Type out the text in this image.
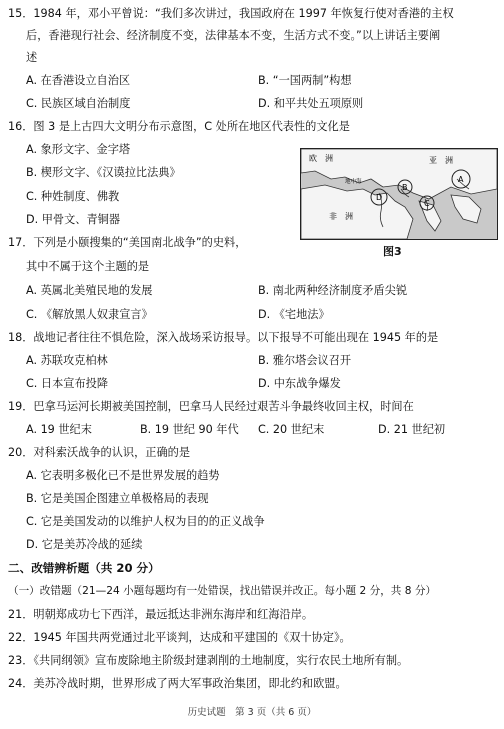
15．1984 年，邓小平曾说：“我们多次讲过，我国政府在 1997 年恢复行使对香港的主权
后，香港现行社会、经济制度不变，法律基本不变，生活方式不变。”以上讲话主要阐
述
A. 在香港设立自治区	B. “一国两制”构想
C. 民族区域自治制度	D. 和平共处五项原则
16．图 3 是上古四大文明分布示意图，C 处所在地区代表性的文化是
A. 象形文字、金字塔
B. 楔形文字、《汉谟拉比法典》
C. 种姓制度、佛教
D. 甲骨文、青铜器
欧　洲	亚　洲
非　洲
地中海	A
B
C
D
图3
17．下列是小颐搜集的“美国南北战争”的史料，
其中不属于这个主题的是
A. 英属北美殖民地的发展	B. 南北两种经济制度矛盾尖锐
C. 《解放黑人奴隶宣言》	D. 《宅地法》
18．战地记者往往不惧危险，深入战场采访报导。以下报导不可能出现在 1945 年的是
A. 苏联攻克柏林	B. 雅尔塔会议召开
C. 日本宣布投降	D. 中东战争爆发
19．巴拿马运河长期被美国控制，巴拿马人民经过艰苦斗争最终收回主权，时间在
A. 19 世纪末	B. 19 世纪 90 年代 C. 20 世纪末	D. 21 世纪初
20．对科索沃战争的认识，正确的是
A. 它表明多极化已不是世界发展的趋势
B. 它是美国企图建立单极格局的表现
C. 它是美国发动的以维护人权为目的的正义战争
D. 它是美苏冷战的延续
二、改错辨析题（共 20 分）
（一）改错题（21—24 小题每题均有一处错误，找出错误并改正。每小题 2 分，共 8 分）
21．明朝郑成功七下西洋，最远抵达非洲东海岸和红海沿岸。
22．1945 年国共两党通过北平谈判，达成和平建国的《双十协定》。
23．《共同纲领》宣布废除地主阶级封建剥削的土地制度，实行农民土地所有制。
24．美苏冷战时期，世界形成了两大军事政治集团，即北约和欧盟。
历史试题　第 3 页（共 6 页）
